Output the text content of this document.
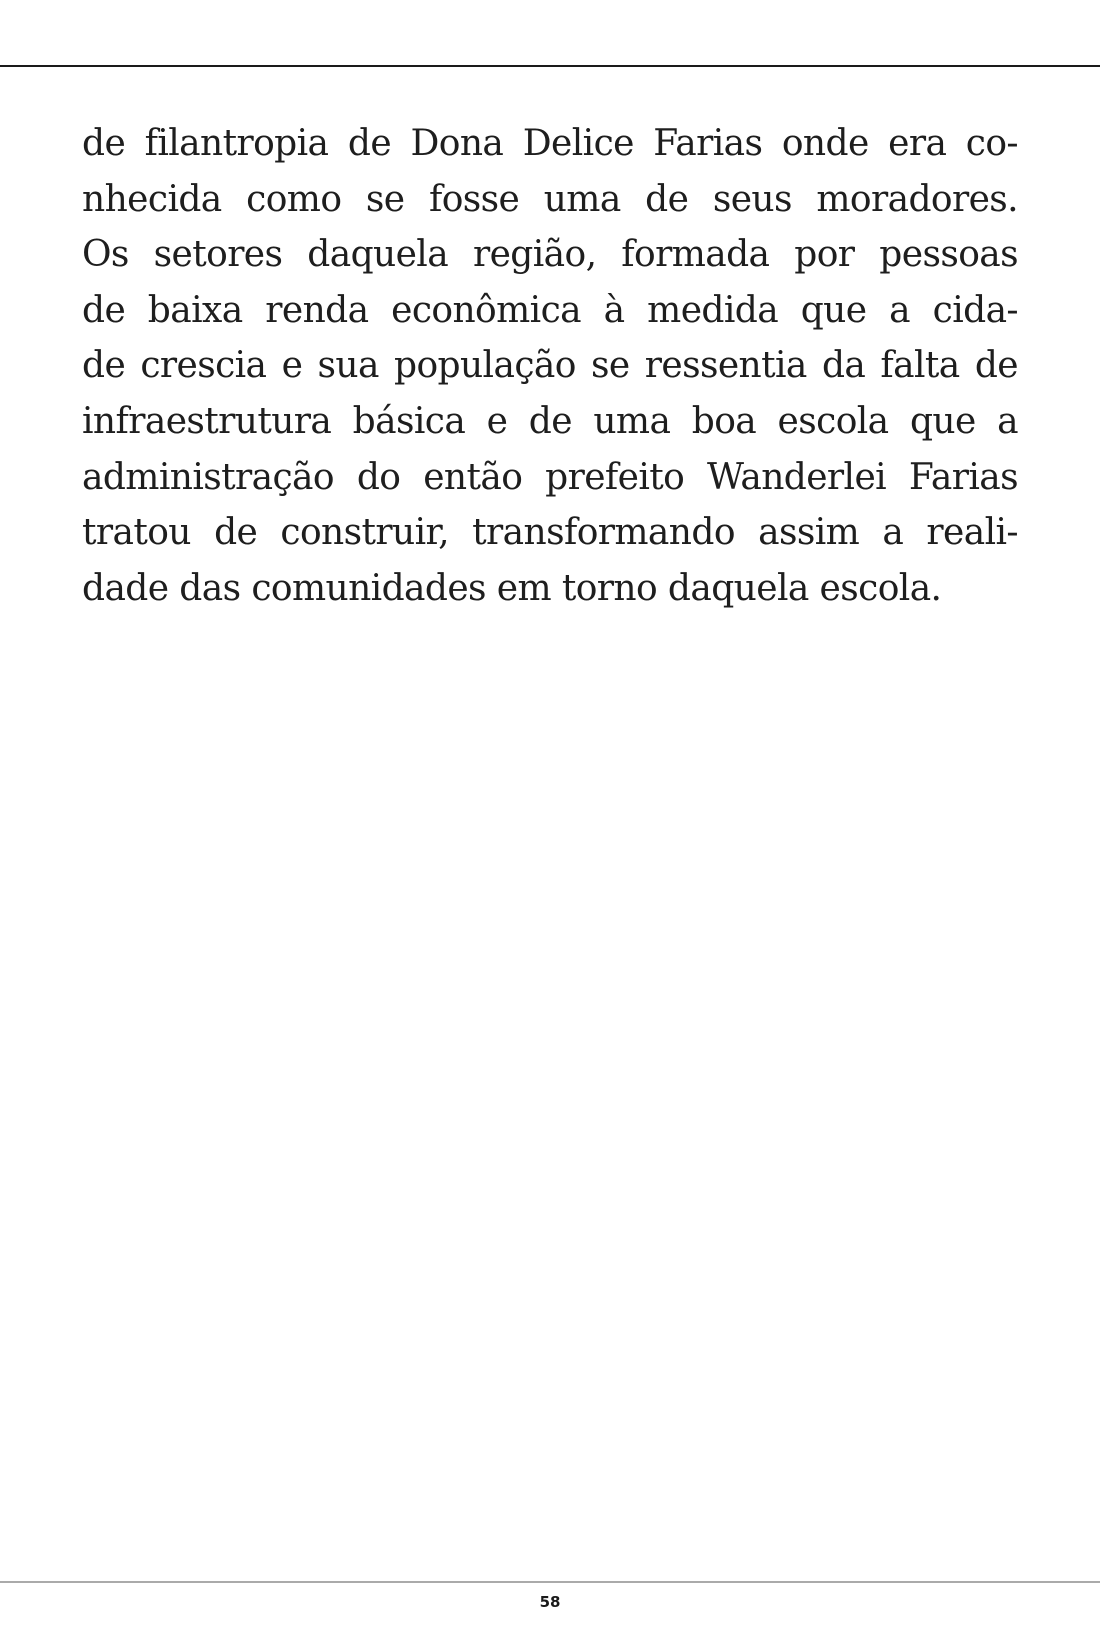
de filantropia de Dona Delice Farias onde era co-
nhecida como se fosse uma de seus moradores.
Os setores daquela região, formada por pessoas
de baixa renda econômica à medida que a cida-
de crescia e sua população se ressentia da falta de
infraestrutura básica e de uma boa escola que a
administração do então prefeito Wanderlei Farias
tratou de construir, transformando assim a reali-
dade das comunidades em torno daquela escola.
58
